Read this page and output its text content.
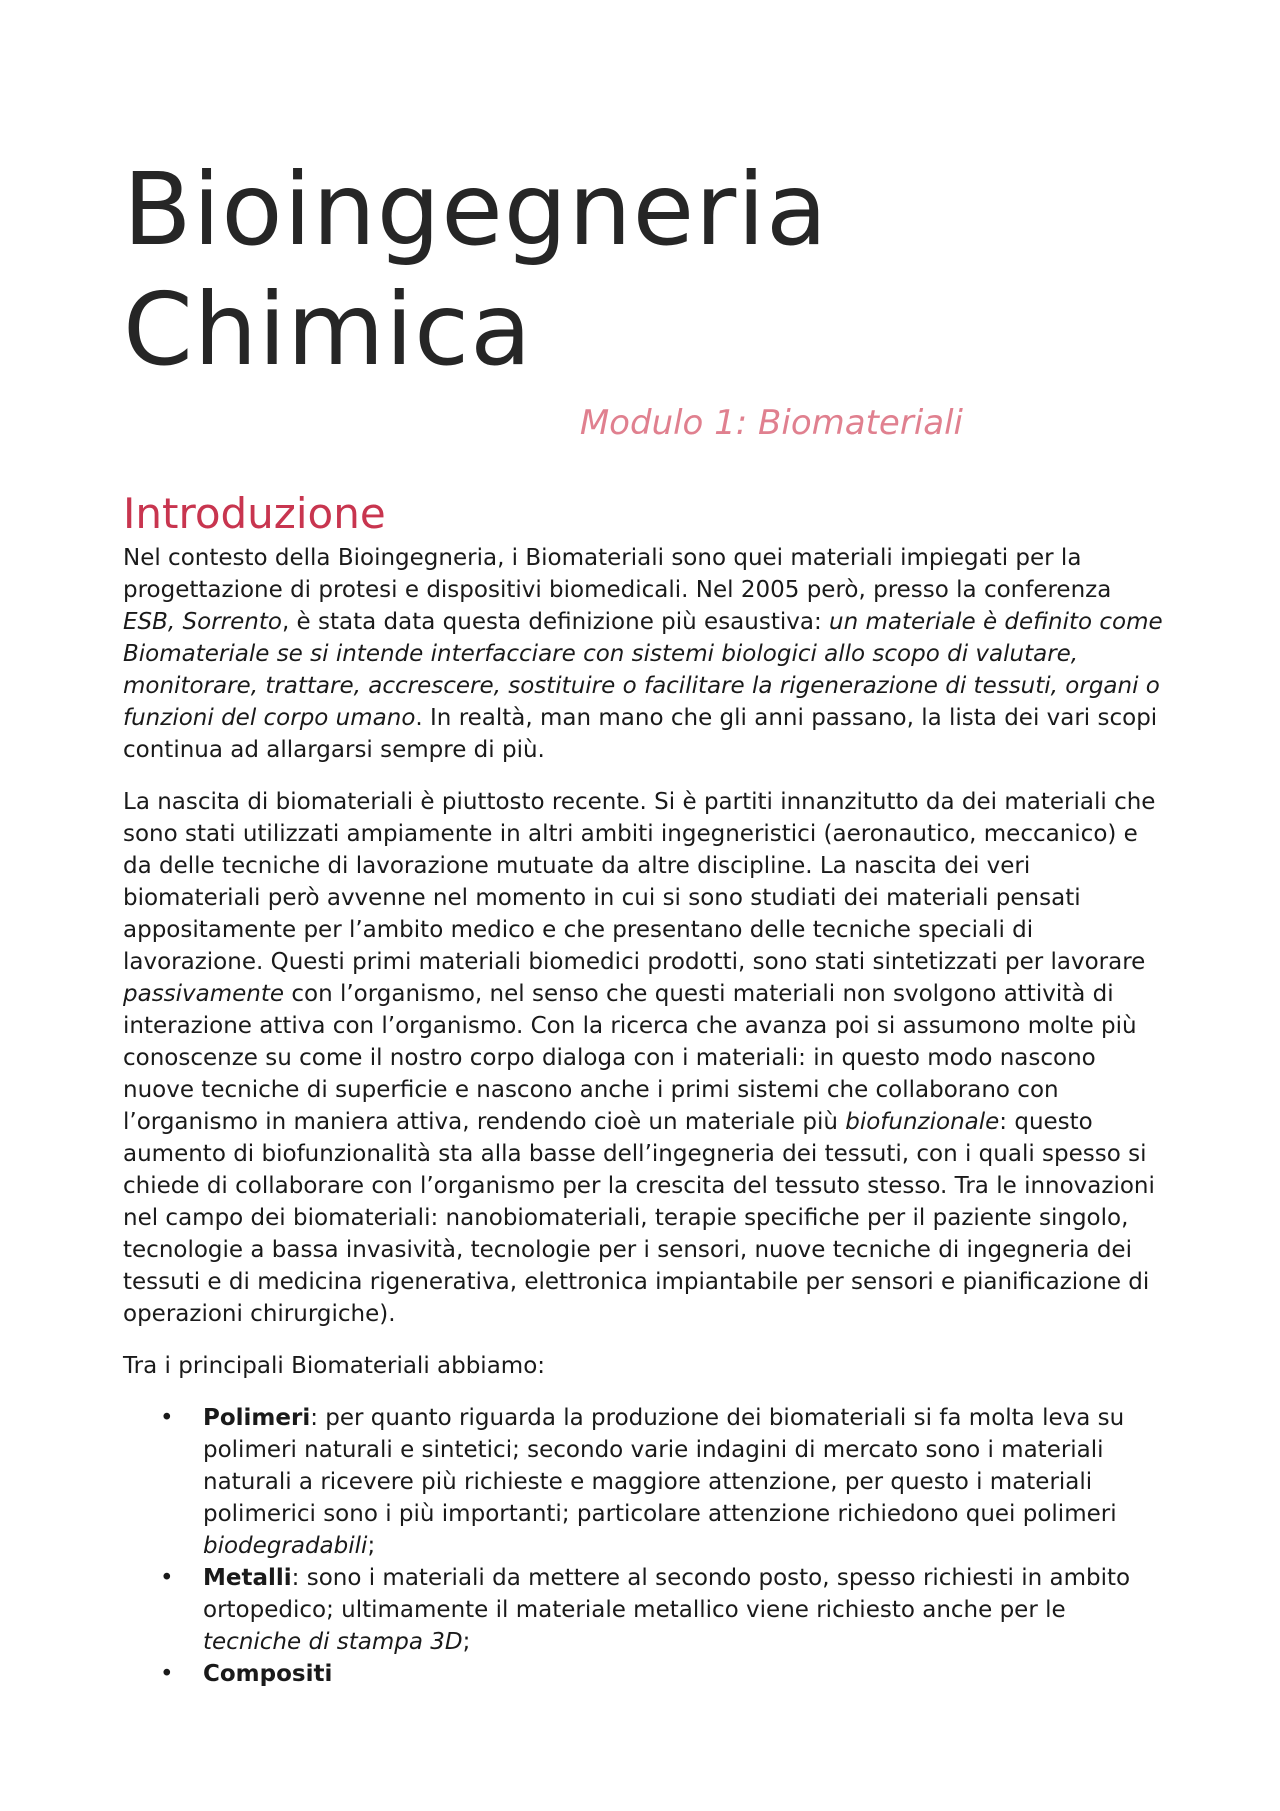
Bioingegneria
Chimica

Modulo 1: Biomateriali

Introduzione

Nel contesto della Bioingegneria, i Biomateriali sono quei materiali impiegati per la progettazione di protesi e dispositivi biomedicali. Nel 2005 però, presso la conferenza ESB, Sorrento, è stata data questa definizione più esaustiva: un materiale è definito come Biomateriale se si intende interfacciare con sistemi biologici allo scopo di valutare, monitorare, trattare, accrescere, sostituire o facilitare la rigenerazione di tessuti, organi o funzioni del corpo umano. In realtà, man mano che gli anni passano, la lista dei vari scopi continua ad allargarsi sempre di più.

La nascita di biomateriali è piuttosto recente. Si è partiti innanzitutto da dei materiali che sono stati utilizzati ampiamente in altri ambiti ingegneristici (aeronautico, meccanico) e da delle tecniche di lavorazione mutuate da altre discipline. La nascita dei veri biomateriali però avvenne nel momento in cui si sono studiati dei materiali pensati appositamente per l’ambito medico e che presentano delle tecniche speciali di lavorazione. Questi primi materiali biomedici prodotti, sono stati sintetizzati per lavorare passivamente con l’organismo, nel senso che questi materiali non svolgono attività di interazione attiva con l’organismo. Con la ricerca che avanza poi si assumono molte più conoscenze su come il nostro corpo dialoga con i materiali: in questo modo nascono nuove tecniche di superficie e nascono anche i primi sistemi che collaborano con l’organismo in maniera attiva, rendendo cioè un materiale più biofunzionale: questo aumento di biofunzionalità sta alla basse dell’ingegneria dei tessuti, con i quali spesso si chiede di collaborare con l’organismo per la crescita del tessuto stesso. Tra le innovazioni nel campo dei biomateriali: nanobiomateriali, terapie specifiche per il paziente singolo, tecnologie a bassa invasività, tecnologie per i sensori, nuove tecniche di ingegneria dei tessuti e di medicina rigenerativa, elettronica impiantabile per sensori e pianificazione di operazioni chirurgiche).

Tra i principali Biomateriali abbiamo:

• Polimeri: per quanto riguarda la produzione dei biomateriali si fa molta leva su polimeri naturali e sintetici; secondo varie indagini di mercato sono i materiali naturali a ricevere più richieste e maggiore attenzione, per questo i materiali polimerici sono i più importanti; particolare attenzione richiedono quei polimeri biodegradabili;
• Metalli: sono i materiali da mettere al secondo posto, spesso richiesti in ambito ortopedico; ultimamente il materiale metallico viene richiesto anche per le tecniche di stampa 3D;
• Compositi
